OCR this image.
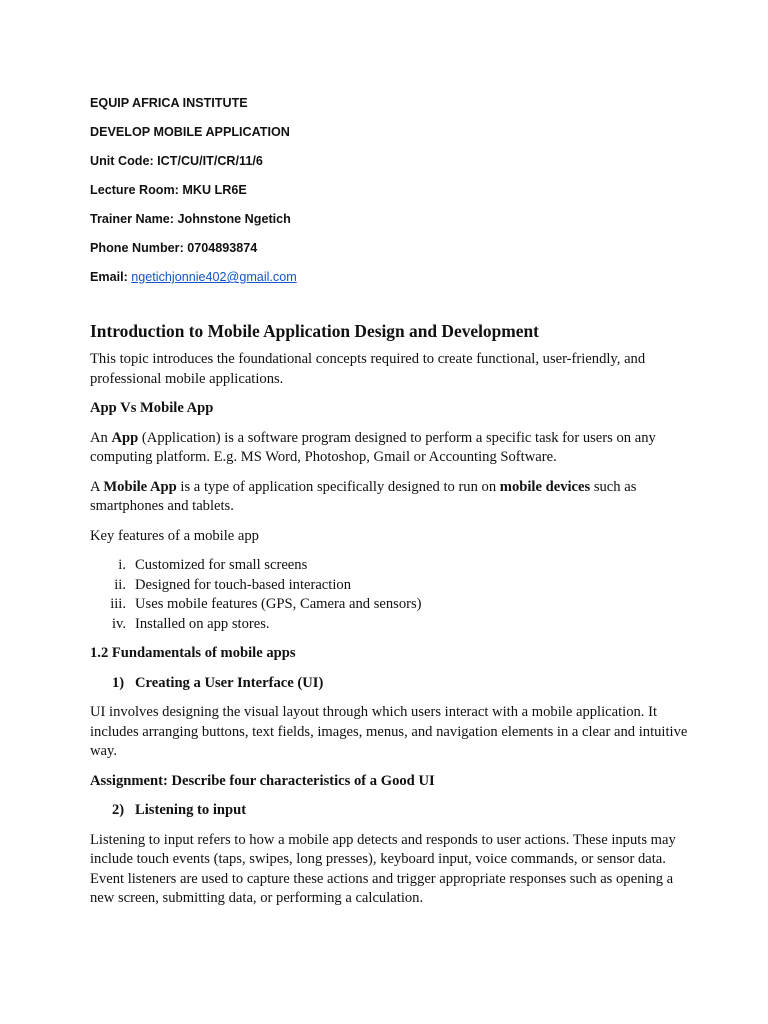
EQUIP AFRICA INSTITUTE
DEVELOP MOBILE APPLICATION
Unit Code: ICT/CU/IT/CR/11/6
Lecture Room: MKU LR6E
Trainer Name: Johnstone Ngetich
Phone Number: 0704893874
Email: ngetichjonnie402@gmail.com
Introduction to Mobile Application Design and Development

This topic introduces the foundational concepts required to create functional, user-friendly, and professional mobile applications.

App Vs Mobile App

An App (Application) is a software program designed to perform a specific task for users on any computing platform. E.g. MS Word, Photoshop, Gmail or Accounting Software.

A Mobile App is a type of application specifically designed to run on mobile devices such as smartphones and tablets.

Key features of a mobile app

i. Customized for small screens
ii. Designed for touch-based interaction
iii. Uses mobile features (GPS, Camera and sensors)
iv. Installed on app stores.
1.2 Fundamentals of mobile apps
1) Creating a User Interface (UI)

UI involves designing the visual layout through which users interact with a mobile application. It includes arranging buttons, text fields, images, menus, and navigation elements in a clear and intuitive way.

Assignment: Describe four characteristics of a Good UI
2) Listening to input

Listening to input refers to how a mobile app detects and responds to user actions. These inputs may include touch events (taps, swipes, long presses), keyboard input, voice commands, or sensor data. Event listeners are used to capture these actions and trigger appropriate responses such as opening a new screen, submitting data, or performing a calculation.
